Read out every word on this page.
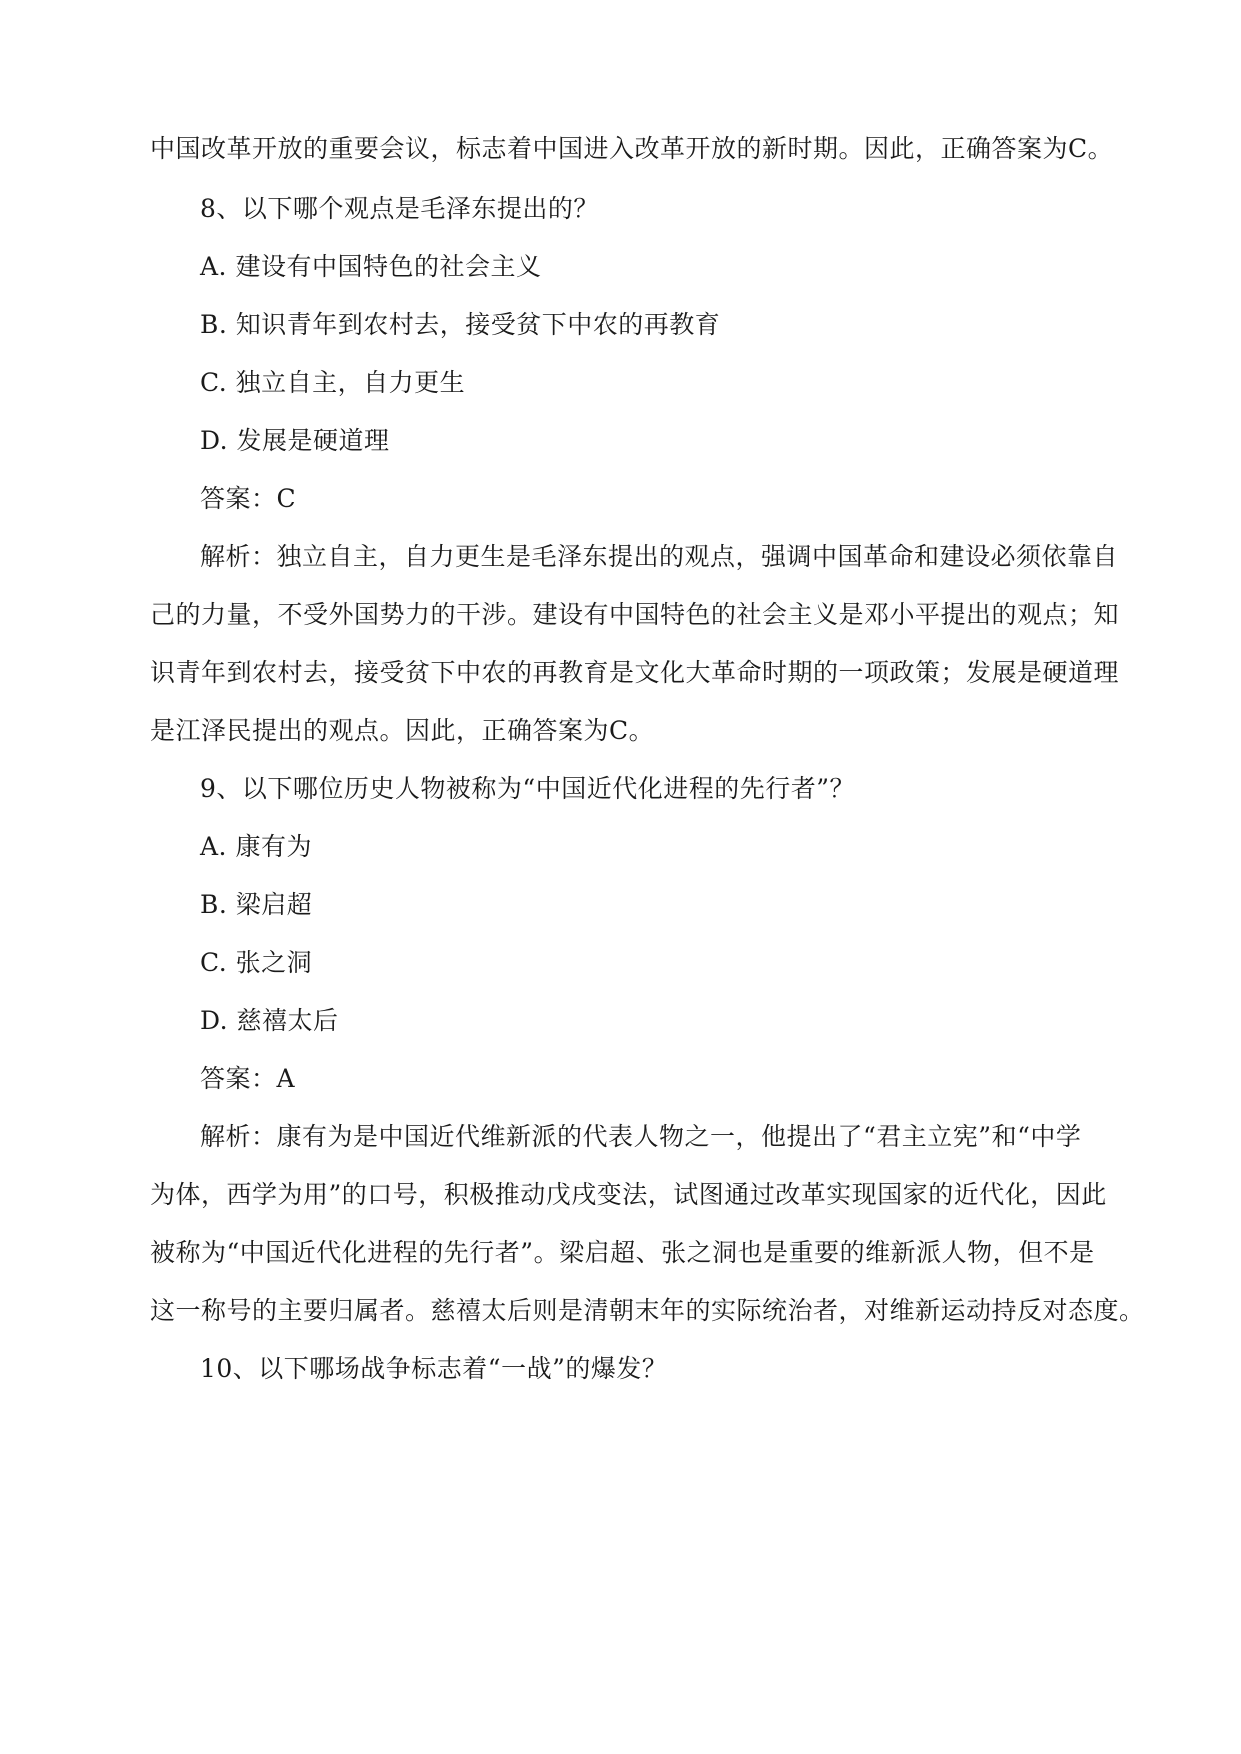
中国改革开放的重要会议，标志着中国进入改革开放的新时期。因此，正确答案为C。
8、以下哪个观点是毛泽东提出的？
A. 建设有中国特色的社会主义
B. 知识青年到农村去，接受贫下中农的再教育
C. 独立自主，自力更生
D. 发展是硬道理
答案：C
解析：独立自主，自力更生是毛泽东提出的观点，强调中国革命和建设必须依靠自
己的力量，不受外国势力的干涉。建设有中国特色的社会主义是邓小平提出的观点；知
识青年到农村去，接受贫下中农的再教育是文化大革命时期的一项政策；发展是硬道理
是江泽民提出的观点。因此，正确答案为C。
9、以下哪位历史人物被称为“中国近代化进程的先行者”？
A. 康有为
B. 梁启超
C. 张之洞
D. 慈禧太后
答案：A
解析：康有为是中国近代维新派的代表人物之一，他提出了“君主立宪”和“中学
为体，西学为用”的口号，积极推动戊戌变法，试图通过改革实现国家的近代化，因此
被称为“中国近代化进程的先行者”。梁启超、张之洞也是重要的维新派人物，但不是
这一称号的主要归属者。慈禧太后则是清朝末年的实际统治者，对维新运动持反对态度。
10、以下哪场战争标志着“一战”的爆发？
